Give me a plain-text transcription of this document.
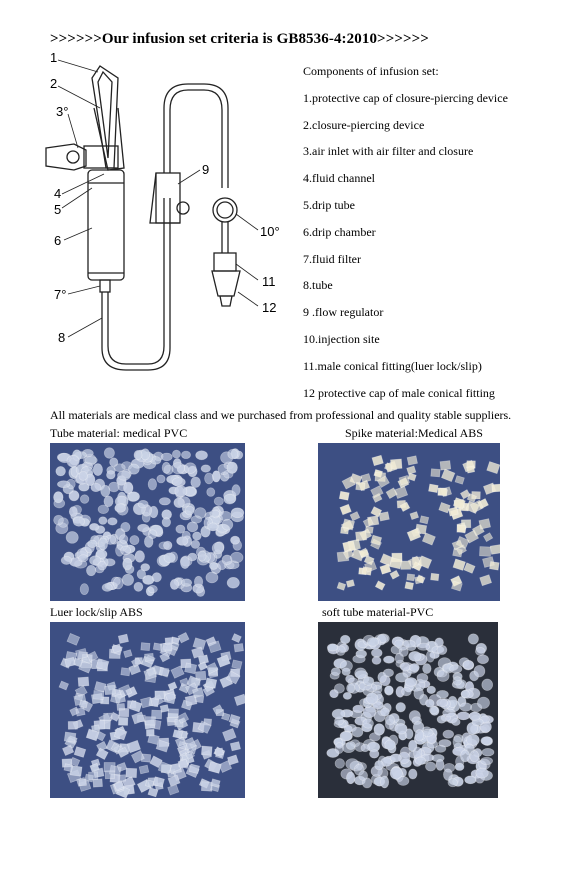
>>>>>>Our infusion set criteria is GB8536-4:2010>>>>>>
1
2
3°
4
5
6
7°
8
9
10°
11
12
Components of infusion set:
1.protective cap of closure-piercing device
2.closure-piercing device
3.air inlet with air filter and closure
4.fluid channel
5.drip tube
6.drip chamber
7.fluid filter
8.tube
9 .flow regulator
10.injection site
11.male conical fitting(luer lock/slip)
12 protective cap of male conical fitting
All materials are medical class and we purchased from professional and quality stable suppliers.
Tube material: medical PVC	Spike material:Medical ABS
Luer lock/slip ABS	soft tube material-PVC
